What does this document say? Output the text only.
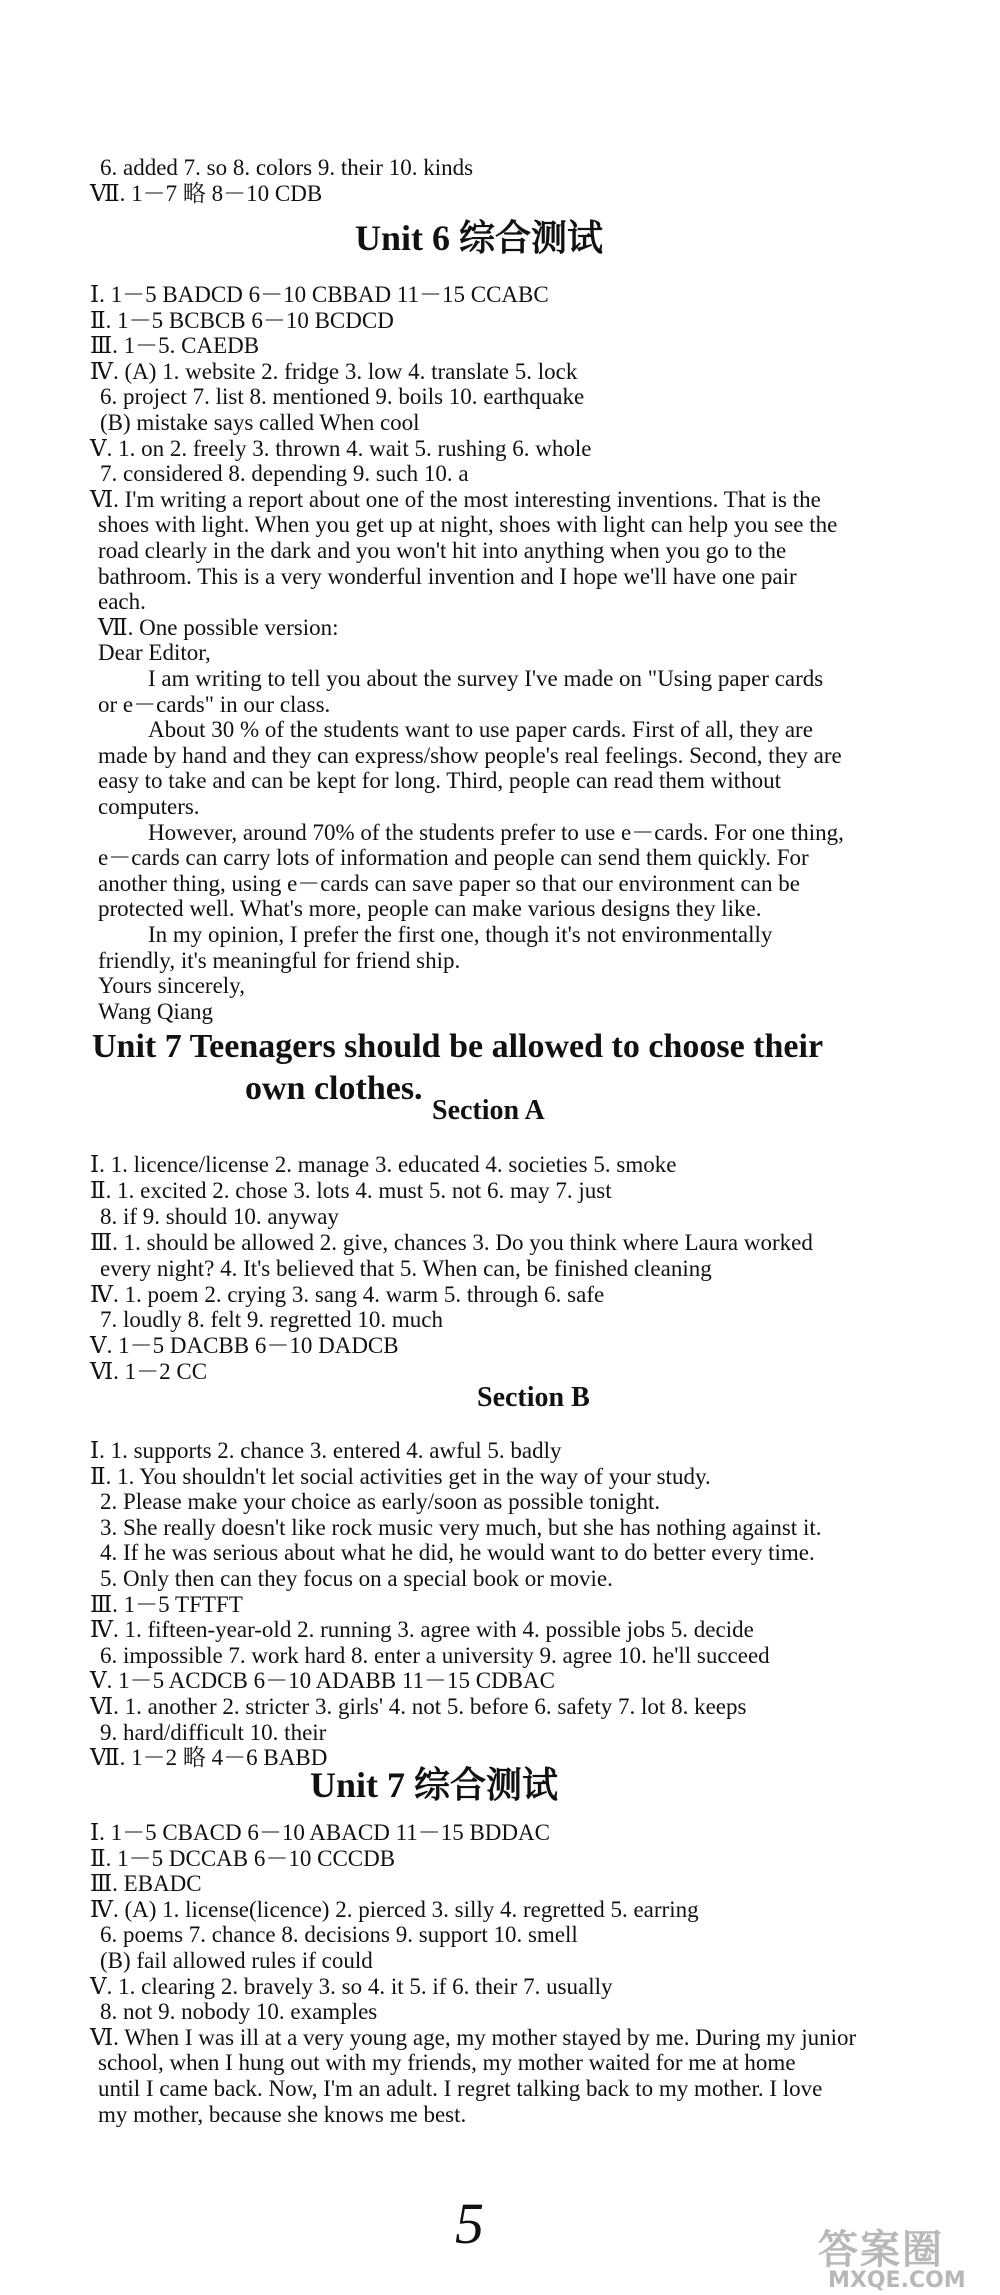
6. added 7. so 8. colors 9. their 10. kinds
Ⅶ. 1－7 略 8－10 CDB
Unit 6 综合测试
Ⅰ. 1－5 BADCD 6－10 CBBAD 11－15 CCABC
Ⅱ. 1－5 BCBCB 6－10 BCDCD
Ⅲ. 1－5. CAEDB
Ⅳ. (A) 1. website 2. fridge 3. low 4. translate 5. lock
6. project 7. list 8. mentioned 9. boils 10. earthquake
(B) mistake says called When cool
Ⅴ. 1. on 2. freely 3. thrown 4. wait 5. rushing 6. whole
7. considered 8. depending 9. such 10. a
Ⅵ. I'm writing a report about one of the most interesting inventions. That is the
shoes with light. When you get up at night, shoes with light can help you see the
road clearly in the dark and you won't hit into anything when you go to the
bathroom. This is a very wonderful invention and I hope we'll have one pair
each.
Ⅶ. One possible version:
Dear Editor,
I am writing to tell you about the survey I've made on "Using paper cards
or e－cards" in our class.
About 30 % of the students want to use paper cards. First of all, they are
made by hand and they can express/show people's real feelings. Second, they are
easy to take and can be kept for long. Third, people can read them without
computers.
However, around 70% of the students prefer to use e－cards. For one thing,
e－cards can carry lots of information and people can send them quickly. For
another thing, using e－cards can save paper so that our environment can be
protected well. What's more, people can make various designs they like.
In my opinion, I prefer the first one, though it's not environmentally
friendly, it's meaningful for friend ship.
Yours sincerely,
Wang Qiang
Unit 7 Teenagers should be allowed to choose their
own clothes.
Section A
Ⅰ. 1. licence/license 2. manage 3. educated 4. societies 5. smoke
Ⅱ. 1. excited 2. chose 3. lots 4. must 5. not 6. may 7. just
8. if 9. should 10. anyway
Ⅲ. 1. should be allowed 2. give, chances 3. Do you think where Laura worked
every night? 4. It's believed that 5. When can, be finished cleaning
Ⅳ. 1. poem 2. crying 3. sang 4. warm 5. through 6. safe
7. loudly 8. felt 9. regretted 10. much
Ⅴ. 1－5 DACBB 6－10 DADCB
Ⅵ. 1－2 CC
Section B
Ⅰ. 1. supports 2. chance 3. entered 4. awful 5. badly
Ⅱ. 1. You shouldn't let social activities get in the way of your study.
2. Please make your choice as early/soon as possible tonight.
3. She really doesn't like rock music very much, but she has nothing against it.
4. If he was serious about what he did, he would want to do better every time.
5. Only then can they focus on a special book or movie.
Ⅲ. 1－5 TFTFT
Ⅳ. 1. fifteen-year-old 2. running 3. agree with 4. possible jobs 5. decide
6. impossible 7. work hard 8. enter a university 9. agree 10. he'll succeed
Ⅴ. 1－5 ACDCB 6－10 ADABB 11－15 CDBAC
Ⅵ. 1. another 2. stricter 3. girls' 4. not 5. before 6. safety 7. lot 8. keeps
9. hard/difficult 10. their
Ⅶ. 1－2 略 4－6 BABD
Unit 7 综合测试
Ⅰ. 1－5 CBACD 6－10 ABACD 11－15 BDDAC
Ⅱ. 1－5 DCCAB 6－10 CCCDB
Ⅲ. EBADC
Ⅳ. (A) 1. license(licence) 2. pierced 3. silly 4. regretted 5. earring
6. poems 7. chance 8. decisions 9. support 10. smell
(B) fail allowed rules if could
Ⅴ. 1. clearing 2. bravely 3. so 4. it 5. if 6. their 7. usually
8. not 9. nobody 10. examples
Ⅵ. When I was ill at a very young age, my mother stayed by me. During my junior
school, when I hung out with my friends, my mother waited for me at home
until I came back. Now, I'm an adult. I regret talking back to my mother. I love
my mother, because she knows me best.
5	答案圈
MXQE.COM
